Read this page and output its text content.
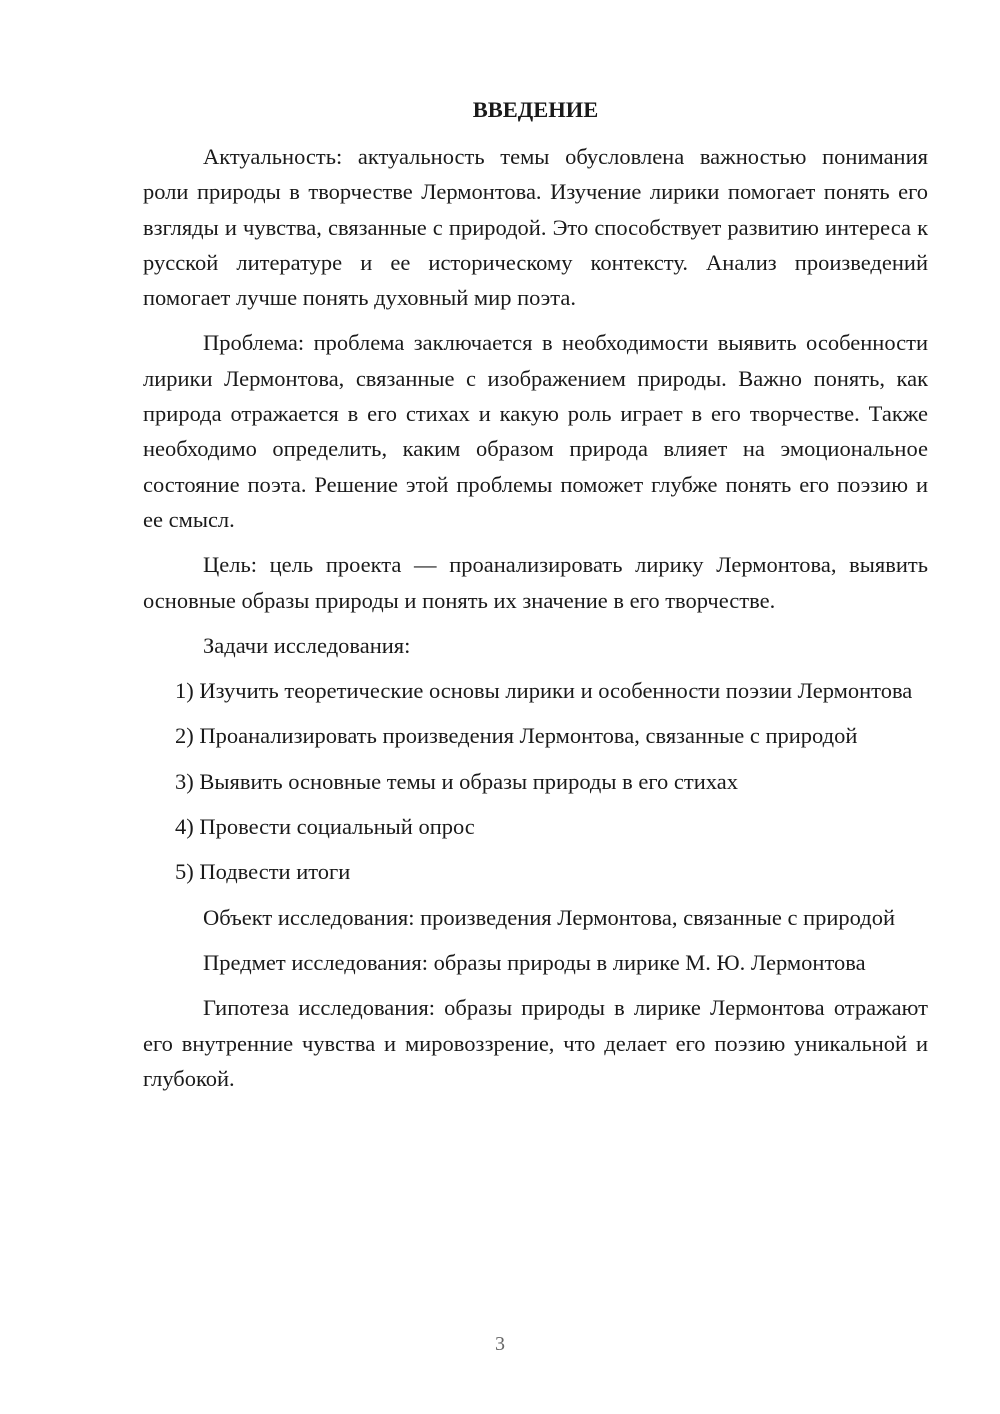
ВВЕДЕНИЕ

Актуальность: актуальность темы обусловлена важностью понимания роли природы в творчестве Лермонтова. Изучение лирики помогает понять его взгляды и чувства, связанные с природой. Это способствует развитию интереса к русской литературе и ее историческому контексту. Анализ произведений помогает лучше понять духовный мир поэта.

Проблема: проблема заключается в необходимости выявить особенности лирики Лермонтова, связанные с изображением природы. Важно понять, как природа отражается в его стихах и какую роль играет в его творчестве. Также необходимо определить, каким образом природа влияет на эмоциональное состояние поэта. Решение этой проблемы поможет глубже понять его поэзию и ее смысл.

Цель: цель проекта — проанализировать лирику Лермонтова, выявить основные образы природы и понять их значение в его творчестве.

Задачи исследования:

1) Изучить теоретические основы лирики и особенности поэзии Лермонтова

2) Проанализировать произведения Лермонтова, связанные с природой

3) Выявить основные темы и образы природы в его стихах

4) Провести социальный опрос

5) Подвести итоги

Объект исследования: произведения Лермонтова, связанные с природой

Предмет исследования: образы природы в лирике М. Ю. Лермонтова

Гипотеза исследования: образы природы в лирике Лермонтова отражают его внутренние чувства и мировоззрение, что делает его поэзию уникальной и глубокой.

3
